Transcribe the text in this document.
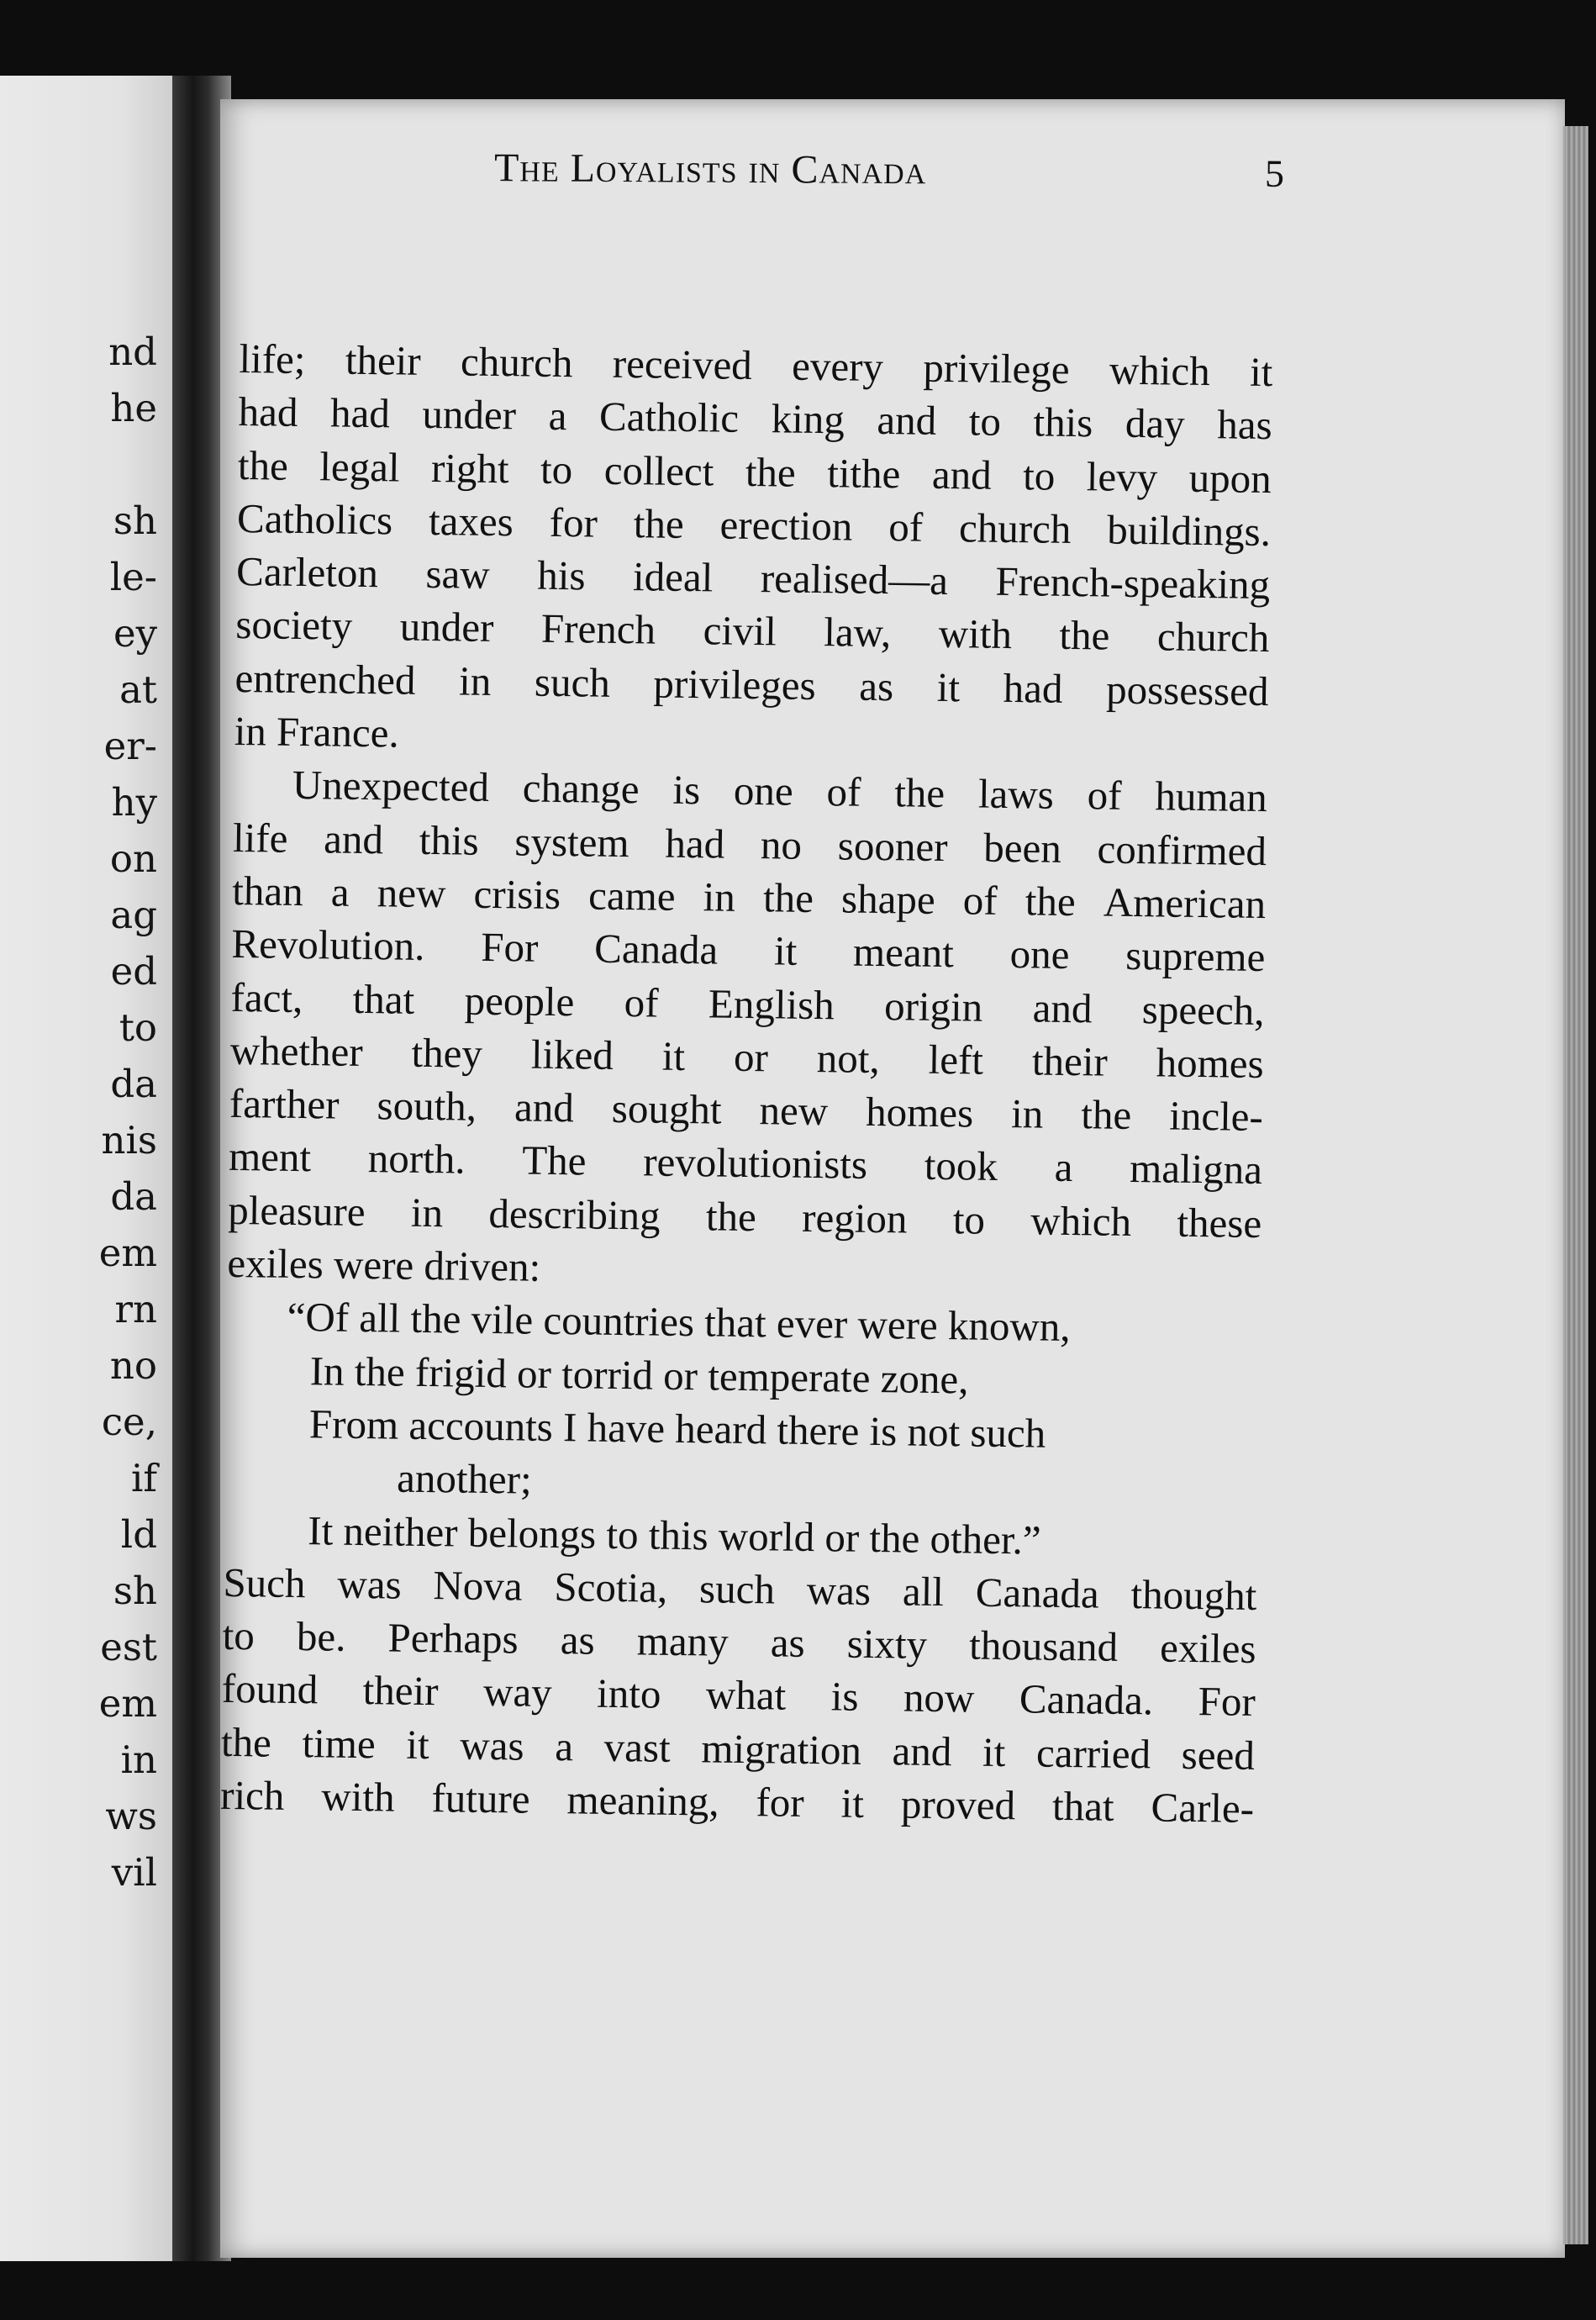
nd
he
sh
le-
ey
at
er-
hy
on
ag
ed
to
da
nis
da
em
rn
no
ce,
if
ld
sh
est
em
in
ws
vil
The Loyalists in Canada	5
life; their church received every privilege which it
had had under a Catholic king and to this day has
the legal right to collect the tithe and to levy upon
Catholics taxes for the erection of church buildings.
Carleton saw his ideal realised—a French-speaking
society under French civil law, with the church
entrenched in such privileges as it had possessed
in France.
Unexpected change is one of the laws of human
life and this system had no sooner been confirmed
than a new crisis came in the shape of the American
Revolution. For Canada it meant one supreme
fact, that people of English origin and speech,
whether they liked it or not, left their homes
farther south, and sought new homes in the incle-
ment north. The revolutionists took a maligna
pleasure in describing the region to which these
exiles were driven:
“Of all the vile countries that ever were known,
In the frigid or torrid or temperate zone,
From accounts I have heard there is not such
another;
It neither belongs to this world or the other.”
Such was Nova Scotia, such was all Canada thought
to be. Perhaps as many as sixty thousand exiles
found their way into what is now Canada. For
the time it was a vast migration and it carried seed
rich with future meaning, for it proved that Carle-
